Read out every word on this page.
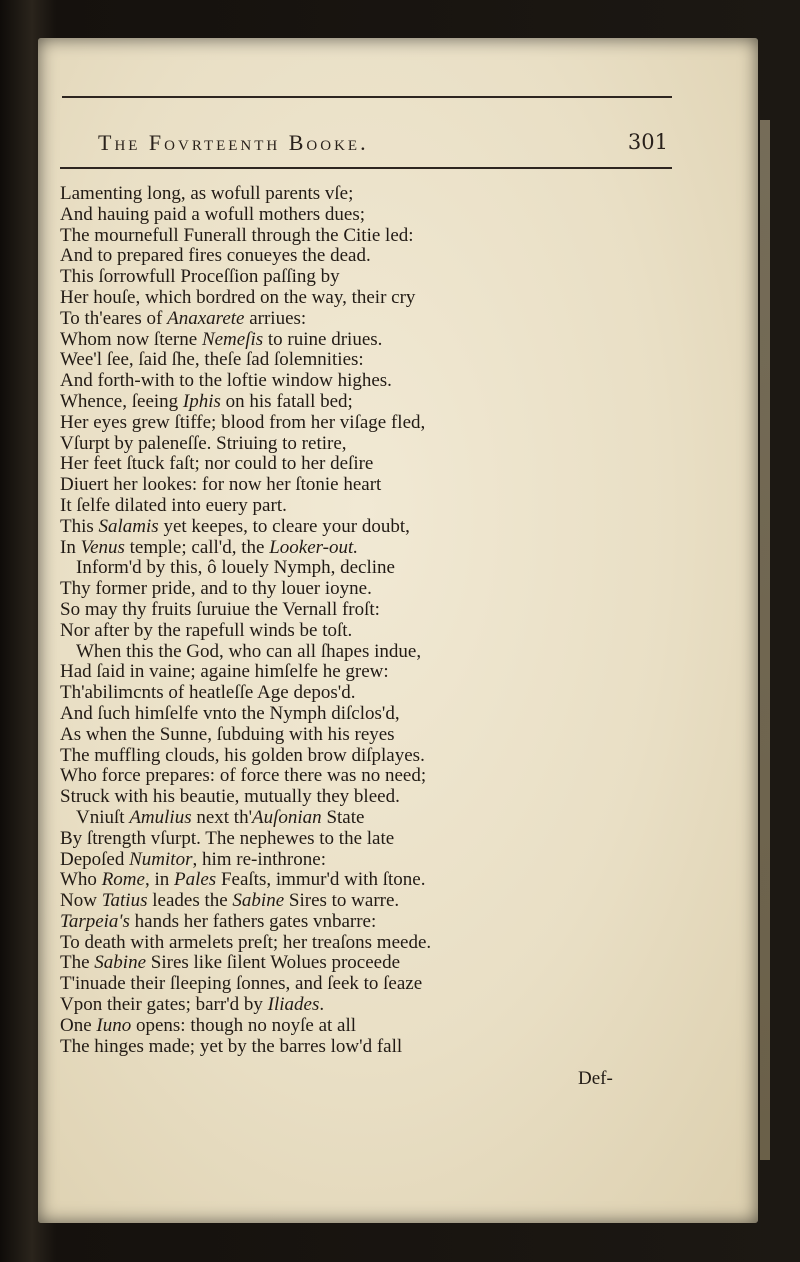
The Fovrteenth Booke.	301
Lamenting long, as wofull parents vſe;
And hauing paid a wofull mothers dues;
The mournefull Funerall through the Citie led:
And to prepared fires conueyes the dead.
This ſorrowfull Proceſſion paſſing by
Her houſe, which bordred on the way, their cry
To th'eares of Anaxarete arriues:
Whom now ſterne Nemeſis to ruine driues.
Wee'l ſee, ſaid ſhe, theſe ſad ſolemnities:
And forth-with to the loftie window highes.
Whence, ſeeing Iphis on his fatall bed;
Her eyes grew ſtiffe; blood from her viſage fled,
Vſurpt by paleneſſe. Striuing to retire,
Her feet ſtuck faſt; nor could to her deſire
Diuert her lookes: for now her ſtonie heart
It ſelfe dilated into euery part.
This Salamis yet keepes, to cleare your doubt,
In Venus temple; call'd, the Looker-out.
Inform'd by this, ô louely Nymph, decline
Thy former pride, and to thy louer ioyne.
So may thy fruits ſuruiue the Vernall froſt:
Nor after by the rapefull winds be toſt.
When this the God, who can all ſhapes indue,
Had ſaid in vaine; againe himſelfe he grew:
Th'abilimcnts of heatleſſe Age depos'd.
And ſuch himſelfe vnto the Nymph diſclos'd,
As when the Sunne, ſubduing with his reyes
The muffling clouds, his golden brow diſplayes.
Who force prepares: of force there was no need;
Struck with his beautie, mutually they bleed.
Vniuſt Amulius next th'Auſonian State
By ſtrength vſurpt. The nephewes to the late
Depoſed Numitor, him re-inthrone:
Who Rome, in Pales Feaſts, immur'd with ſtone.
Now Tatius leades the Sabine Sires to warre.
Tarpeia's hands her fathers gates vnbarre:
To death with armelets preſt; her treaſons meede.
The Sabine Sires like ſilent Wolues proceede
T'inuade their ſleeping ſonnes, and ſeek to ſeaze
Vpon their gates; barr'd by Iliades.
One Iuno opens: though no noyſe at all
The hinges made; yet by the barres low'd fall
Def-
